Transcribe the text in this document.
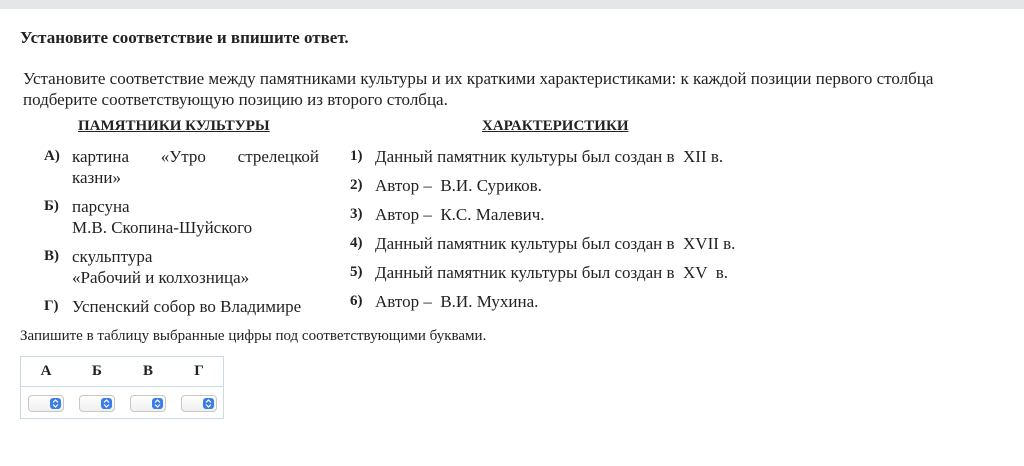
Установите соответствие и впишите ответ.
Установите соответствие между памятниками культуры и их краткими характеристиками: к каждой позиции первого столбца подберите соответствующую позицию из второго столбца.
ПАМЯТНИКИ КУЛЬТУРЫ	ХАРАКТЕРИСТИКИ
А) картина «Утро стрелецкой
казни»
Б) парсуна
М.В. Скопина-Шуйского
В) скульптура
«Рабочий и колхозница»
Г) Успенский собор во Владимире
1) Данный памятник культуры был создан в  XII в.
2) Автор –  В.И. Суриков.
3) Автор –  К.С. Малевич.
4) Данный памятник культуры был создан в  XVII в.
5) Данный памятник культуры был создан в  XV  в.
6) Автор –  В.И. Мухина.
Запишите в таблицу выбранные цифры под соответствующими буквами.
А	Б	В	Г
